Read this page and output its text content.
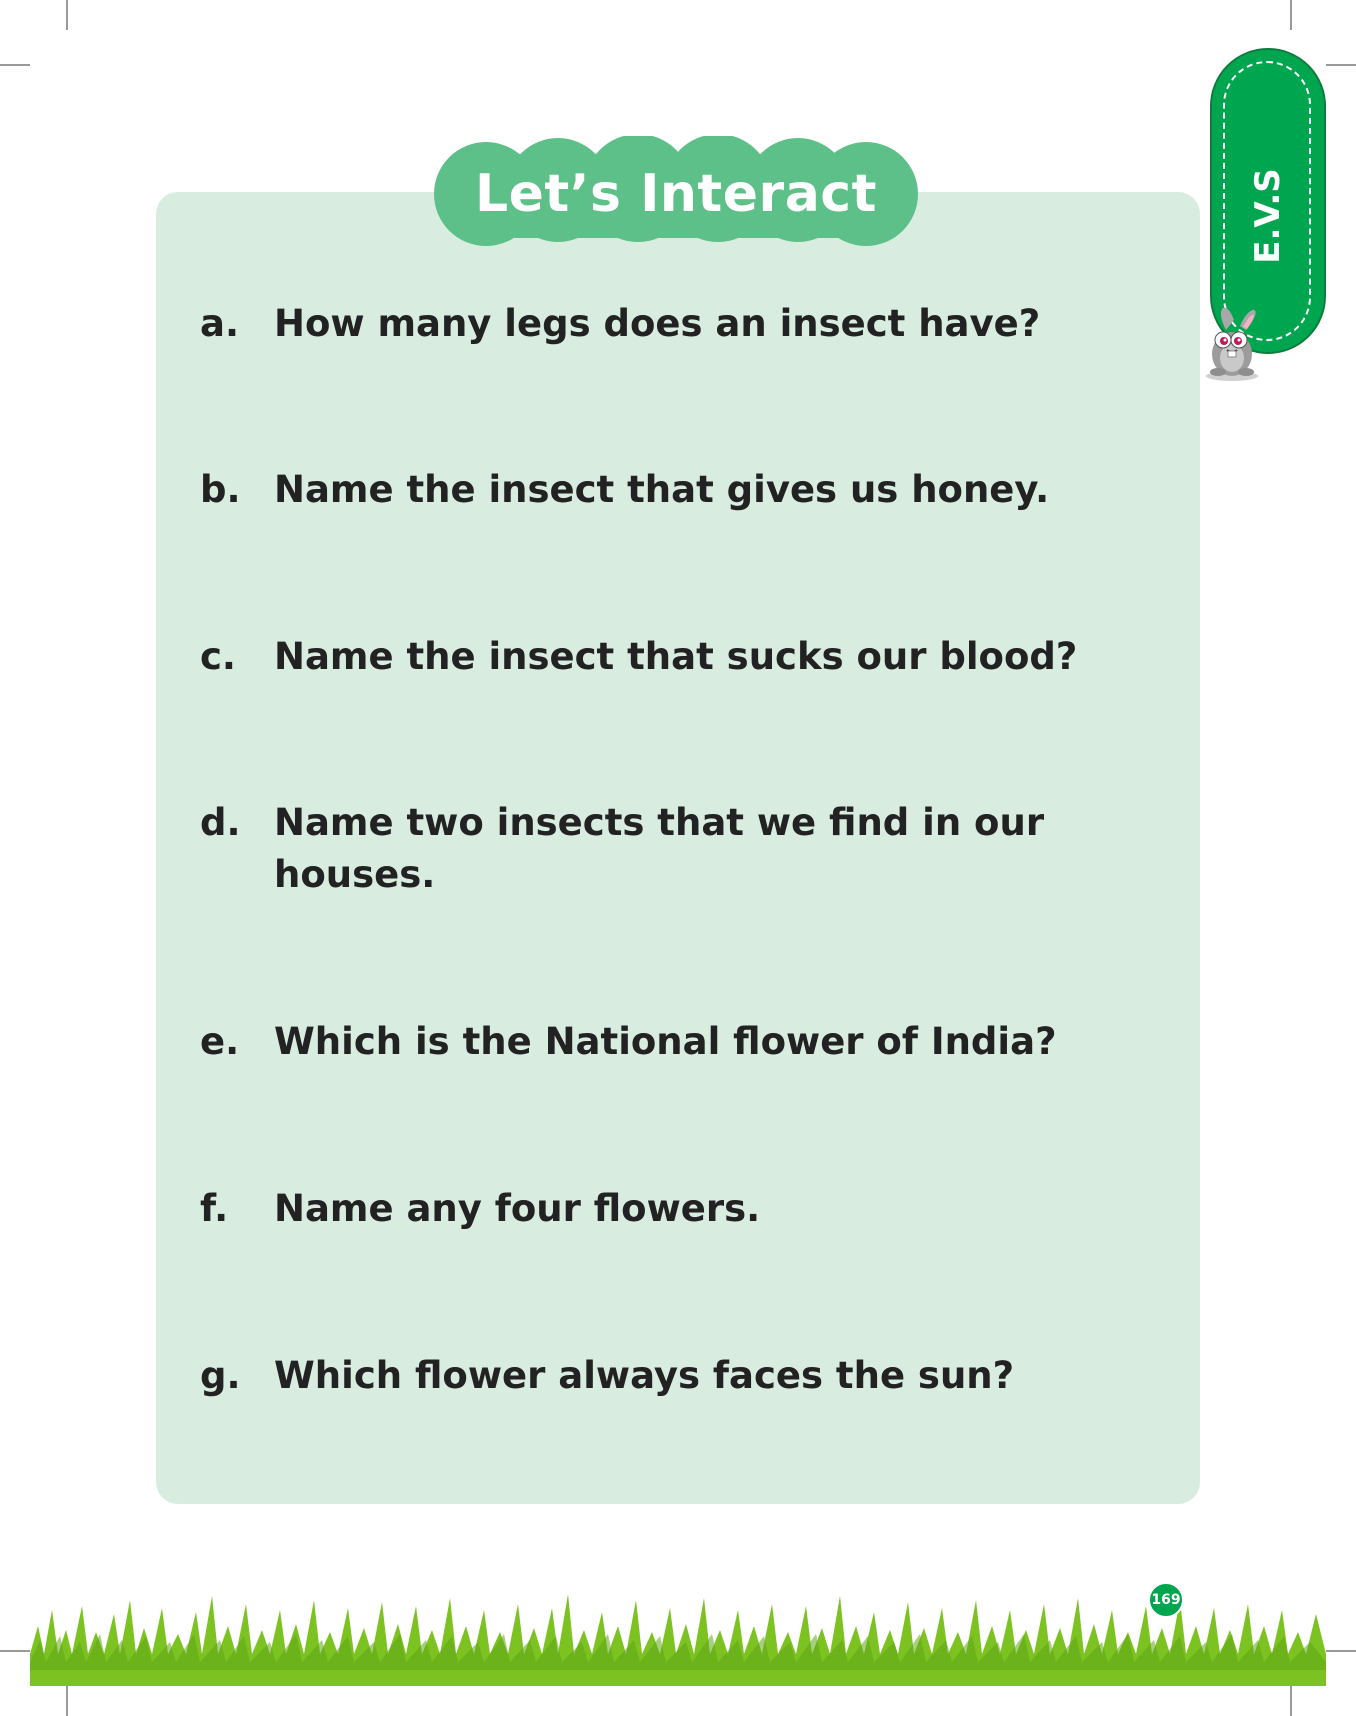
Let’s Interact
a. How many legs does an insect have?
b. Name the insect that gives us honey.
c.	Name the insect that sucks our blood?
d. Name two insects that we find in our houses.
e. Which is the National flower of India?
f.	Name any four flowers.
g. Which flower always faces the sun?
E.V.S
169
